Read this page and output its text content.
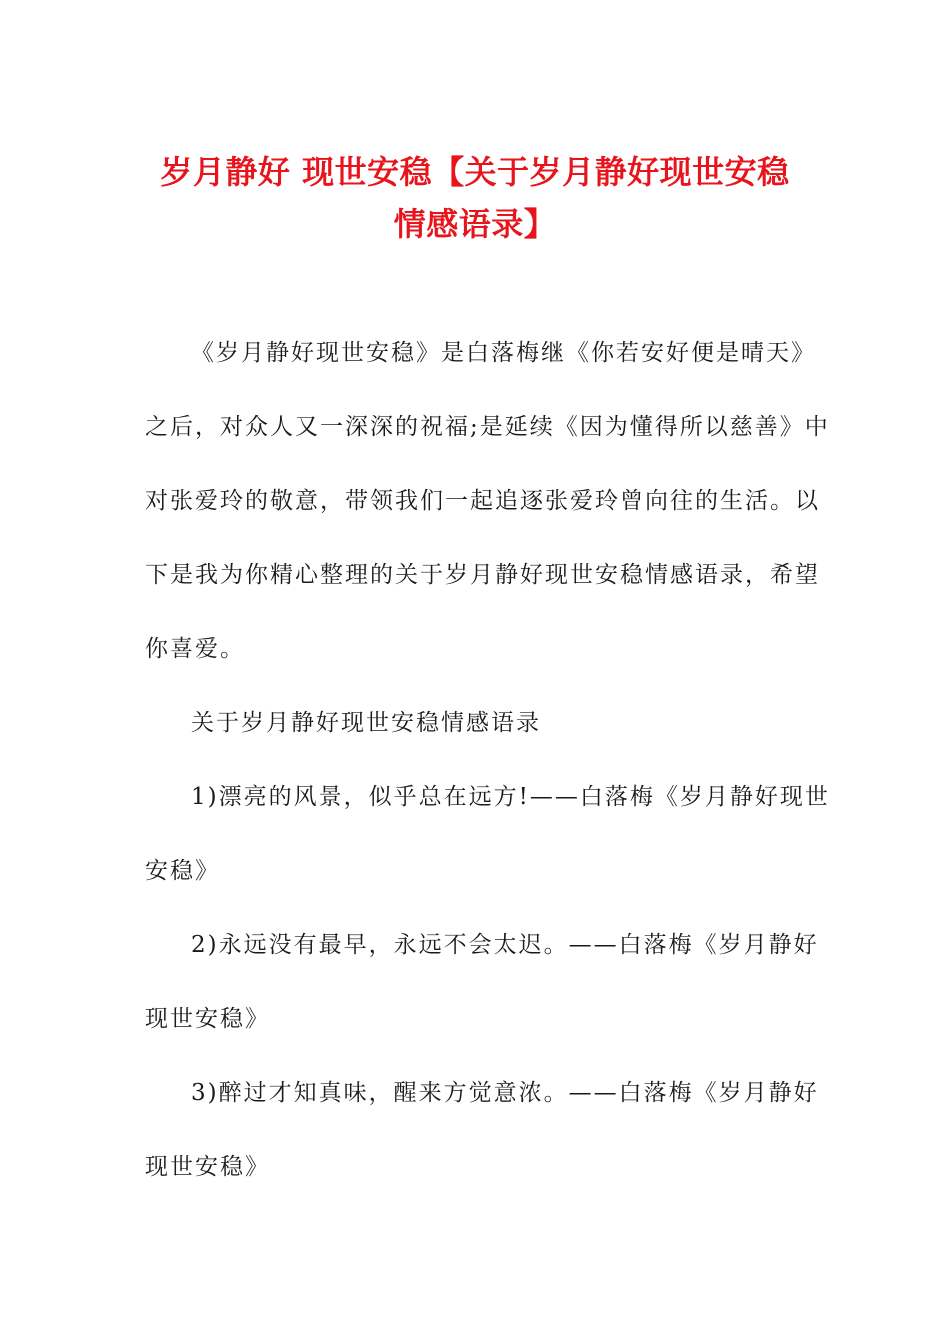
岁月静好 现世安稳【关于岁月静好现世安稳
情感语录】

《岁月静好现世安稳》是白落梅继《你若安好便是晴天》
之后，对众人又一深深的祝福;是延续《因为懂得所以慈善》中
对张爱玲的敬意，带领我们一起追逐张爱玲曾向往的生活。以
下是我为你精心整理的关于岁月静好现世安稳情感语录，希望
你喜爱。

关于岁月静好现世安稳情感语录

1)漂亮的风景，似乎总在远方!——白落梅《岁月静好现世
安稳》

2)永远没有最早，永远不会太迟。——白落梅《岁月静好
现世安稳》

3)醉过才知真味，醒来方觉意浓。——白落梅《岁月静好
现世安稳》
